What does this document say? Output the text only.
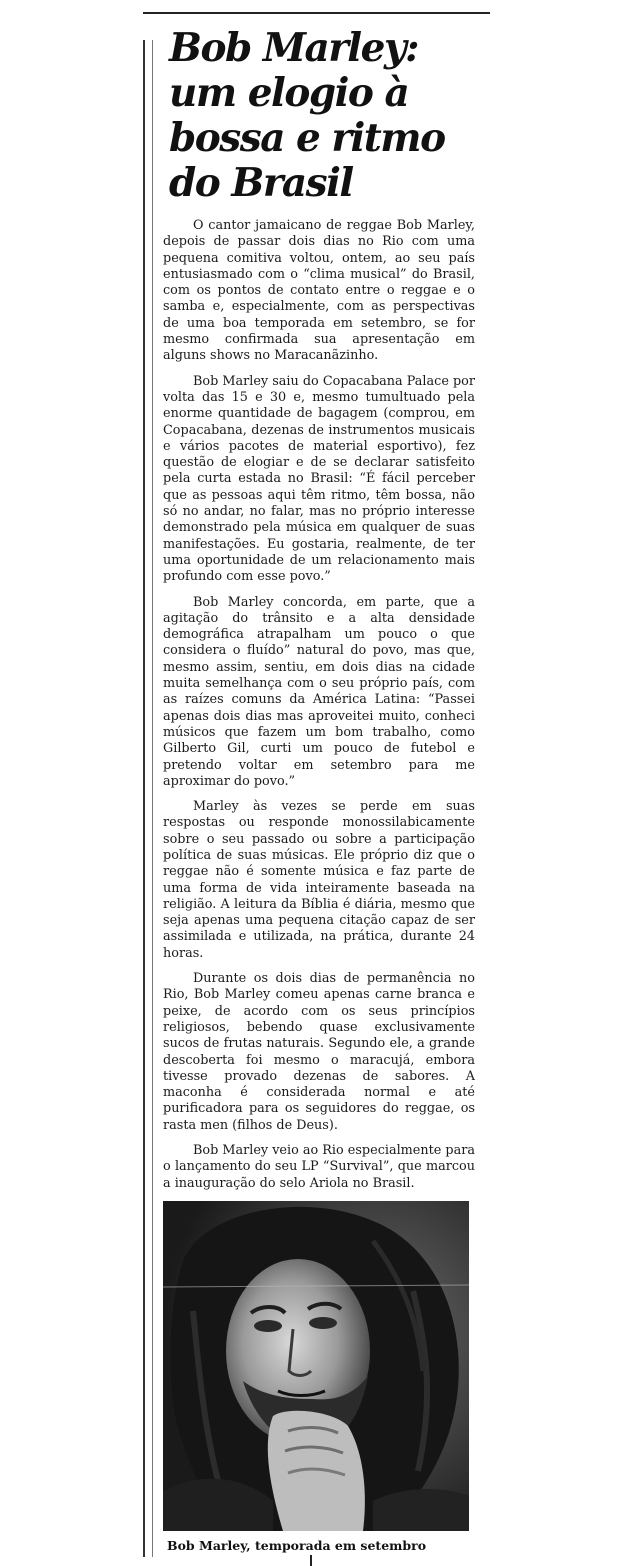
Bob Marley: um elogio à bossa e ritmo do Brasil

O cantor jamaicano de reggae Bob Marley, depois de passar dois dias no Rio com uma pequena comitiva voltou, ontem, ao seu país entusiasmado com o “clima musical” do Brasil, com os pontos de contato entre o reggae e o samba e, especialmente, com as perspectivas de uma boa temporada em setembro, se for mesmo confirmada sua apresentação em alguns shows no Maracanãzinho.

Bob Marley saiu do Copacabana Palace por volta das 15 e 30 e, mesmo tumultuado pela enorme quantidade de bagagem (comprou, em Copacabana, dezenas de instrumentos musicais e vários pacotes de material esportivo), fez questão de elogiar e de se declarar satisfeito pela curta estada no Brasil: “É fácil perceber que as pessoas aqui têm ritmo, têm bossa, não só no andar, no falar, mas no próprio interesse demonstrado pela música em qualquer de suas manifestações. Eu gostaria, realmente, de ter uma oportunidade de um relacionamento mais profundo com esse povo.”

Bob Marley concorda, em parte, que a agitação do trânsito e a alta densidade demográfica atrapalham um pouco o que considera o fluído” natural do povo, mas que, mesmo assim, sentiu, em dois dias na cidade muita semelhança com o seu próprio país, com as raízes comuns da América Latina: “Passei apenas dois dias mas aproveitei muito, conheci músicos que fazem um bom trabalho, como Gilberto Gil, curti um pouco de futebol e pretendo voltar em setembro para me aproximar do povo.”

Marley às vezes se perde em suas respostas ou responde monossilabicamente sobre o seu passado ou sobre a participação política de suas músicas. Ele próprio diz que o reggae não é somente música e faz parte de uma forma de vida inteiramente baseada na religião. A leitura da Bíblia é diária, mesmo que seja apenas uma pequena citação capaz de ser assimilada e utilizada, na prática, durante 24 horas.

Durante os dois dias de permanência no Rio, Bob Marley comeu apenas carne branca e peixe, de acordo com os seus princípios religiosos, bebendo quase exclusivamente sucos de frutas naturais. Segundo ele, a grande descoberta foi mesmo o maracujá, embora tivesse provado dezenas de sabores. A maconha é considerada normal e até purificadora para os seguidores do reggae, os rasta men (filhos de Deus).

Bob Marley veio ao Rio especialmente para o lançamento do seu LP “Survival”, que marcou a inauguração do selo Ariola no Brasil.

Bob Marley, temporada em setembro
